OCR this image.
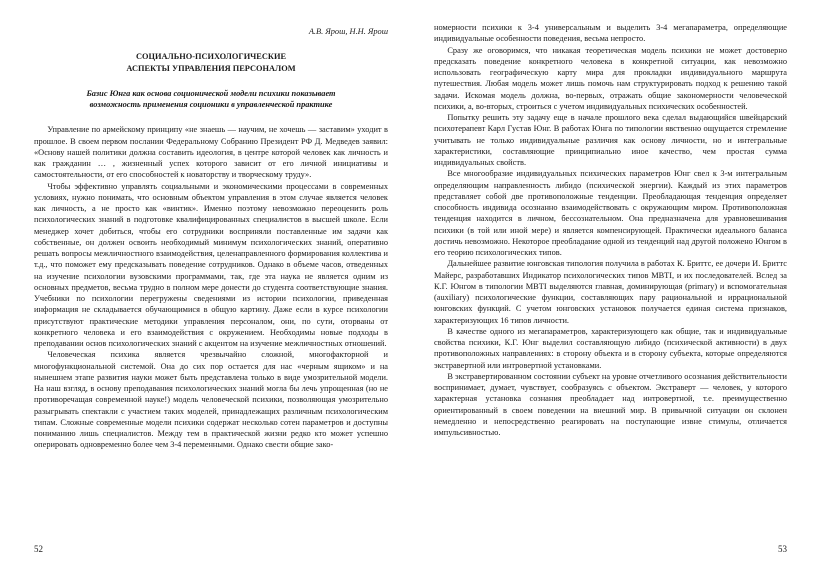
А.В. Ярош, Н.Н. Ярош
СОЦИАЛЬНО-ПСИХОЛОГИЧЕСКИЕ
АСПЕКТЫ УПРАВЛЕНИЯ ПЕРСОНАЛОМ
Базис Юнга как основа соционической модели психики показывает
возможность применения соционики в управленческой практике

Управление по армейскому принципу «не знаешь — научим, не хочешь — заставим» уходит в прошлое. В своем первом послании Федеральному Собранию Президент РФ Д. Медведев заявил: «Основу нашей политики должна составить идеология, в центре которой человек как личность и как гражданин … , жизненный успех которого зависит от его личной инициативы и самостоятельности, от его способностей к новаторству и творческому труду».

Чтобы эффективно управлять социальными и экономическими процессами в современных условиях, нужно понимать, что основным объектом управления в этом случае является человек как личность, а не просто как «винтик». Именно поэтому невозможно переоценить роль психологических знаний в подготовке квалифицированных специалистов в высшей школе. Если менеджер хочет добиться, чтобы его сотрудники восприняли поставленные им задачи как собственные, он должен освоить необходимый минимум психологических знаний, оперативно решать вопросы межличностного взаимодействия, целенаправленного формирования коллектива и т.д., что поможет ему предсказывать поведение сотрудников. Однако в объеме часов, отведенных на изучение психологии вузовскими программами, так, где эта наука не является одним из основных предметов, весьма трудно в полном мере донести до студента соответствующие знания. Учебники по психологии перегружены сведениями из истории психологии, приведенная информация не складывается обучающимися в общую картину. Даже если в курсе психологии присутствуют практические методики управления персоналом, они, по сути, оторваны от конкретного человека и его взаимодействия с окружением. Необходимы новые подходы в преподавании основ психологических знаний с акцентом на изучение межличностных отношений.

Человеческая психика является чрезвычайно сложной, многофакторной и многофункциональной системой. Она до сих пор остается для нас «черным ящиком» и на нынешнем этапе развития науки может быть представлена только в виде умозрительной модели. На наш взгляд, в основу преподавания психологических знаний могла бы лечь упрощенная (но не противоречащая современной науке!) модель человеческой психики, позволяющая умозрительно разыгрывать спектакли с участием таких моделей, принадлежащих различным психологическим типам. Сложные современные модели психики содержат несколько сотен параметров и доступны пониманию лишь специалистов. Между тем в практической жизни редко кто может успешно оперировать одновременно более чем 3-4 переменными. Однако свести общие зако-

52

номерности психики к 3-4 универсальным и выделить 3-4 мегапараметра, определяющие индивидуальные особенности поведения, весьма непросто.

Сразу же оговоримся, что никакая теоретическая модель психики не может достоверно предсказать поведение конкретного человека в конкретной ситуации, как невозможно использовать географическую карту мира для прокладки индивидуального маршрута путешествия. Любая модель может лишь помочь нам структурировать подход к решению такой задачи. Искомая модель должна, во-первых, отражать общие закономерности человеческой психики, а, во-вторых, строиться с учетом индивидуальных психических особенностей.

Попытку решить эту задачу еще в начале прошлого века сделал выдающийся швейцарский психотерапевт Карл Густав Юнг. В работах Юнга по типологии явственно ощущается стремление учитывать не только индивидуальные различия как основу личности, но и интегральные характеристики, составляющие принципиально иное качество, чем простая сумма индивидуальных свойств.

Все многообразие индивидуальных психических параметров Юнг свел к 3-м интегральным определяющим направленность либидо (психической энергии). Каждый из этих параметров представляет собой две противоположные тенденции. Преобладающая тенденция определяет способность индивида осознанно взаимодействовать с окружающим миром. Противоположная тенденция находится в личном, бессознательном. Она предназначена для уравновешивания психики (в той или иной мере) и является компенсирующей. Практически идеального баланса достичь невозможно. Некоторое преобладание одной из тенденций над другой положено Юнгом в его теорию психологических типов.

Дальнейшее развитие юнговская типология получила в работах К. Бриттс, ее дочери И. Бриттс Майерс, разработавших Индикатор психологических типов MBTI, и их последователей. Вслед за К.Г. Юнгом в типологии MBTI выделяются главная, доминирующая (primary) и вспомогательная (auxiliary) психологические функции, составляющих пару рациональной и иррациональной юнговских функций. С учетом юнговских установок получается единая система признаков, характеризующих 16 типов личности.

В качестве одного из мегапараметров, характеризующего как общие, так и индивидуальные свойства психики, К.Г. Юнг выделил составляющую либидо (психической активности) в двух противоположных направлениях: в сторону объекта и в сторону субъекта, которые определяются экстравертной или интровертной установками.

В экстравертированном состоянии субъект на уровне отчетливого осознания действительности воспринимает, думает, чувствует, сообразуясь с объектом. Экстраверт — человек, у которого характерная установка сознания преобладает над интровертной, т.е. преимущественно ориентированный в своем поведении на внешний мир. В привычной ситуации он склонен немедленно и непосредственно реагировать на поступающие извне стимулы, отличается импульсивностью.

53
